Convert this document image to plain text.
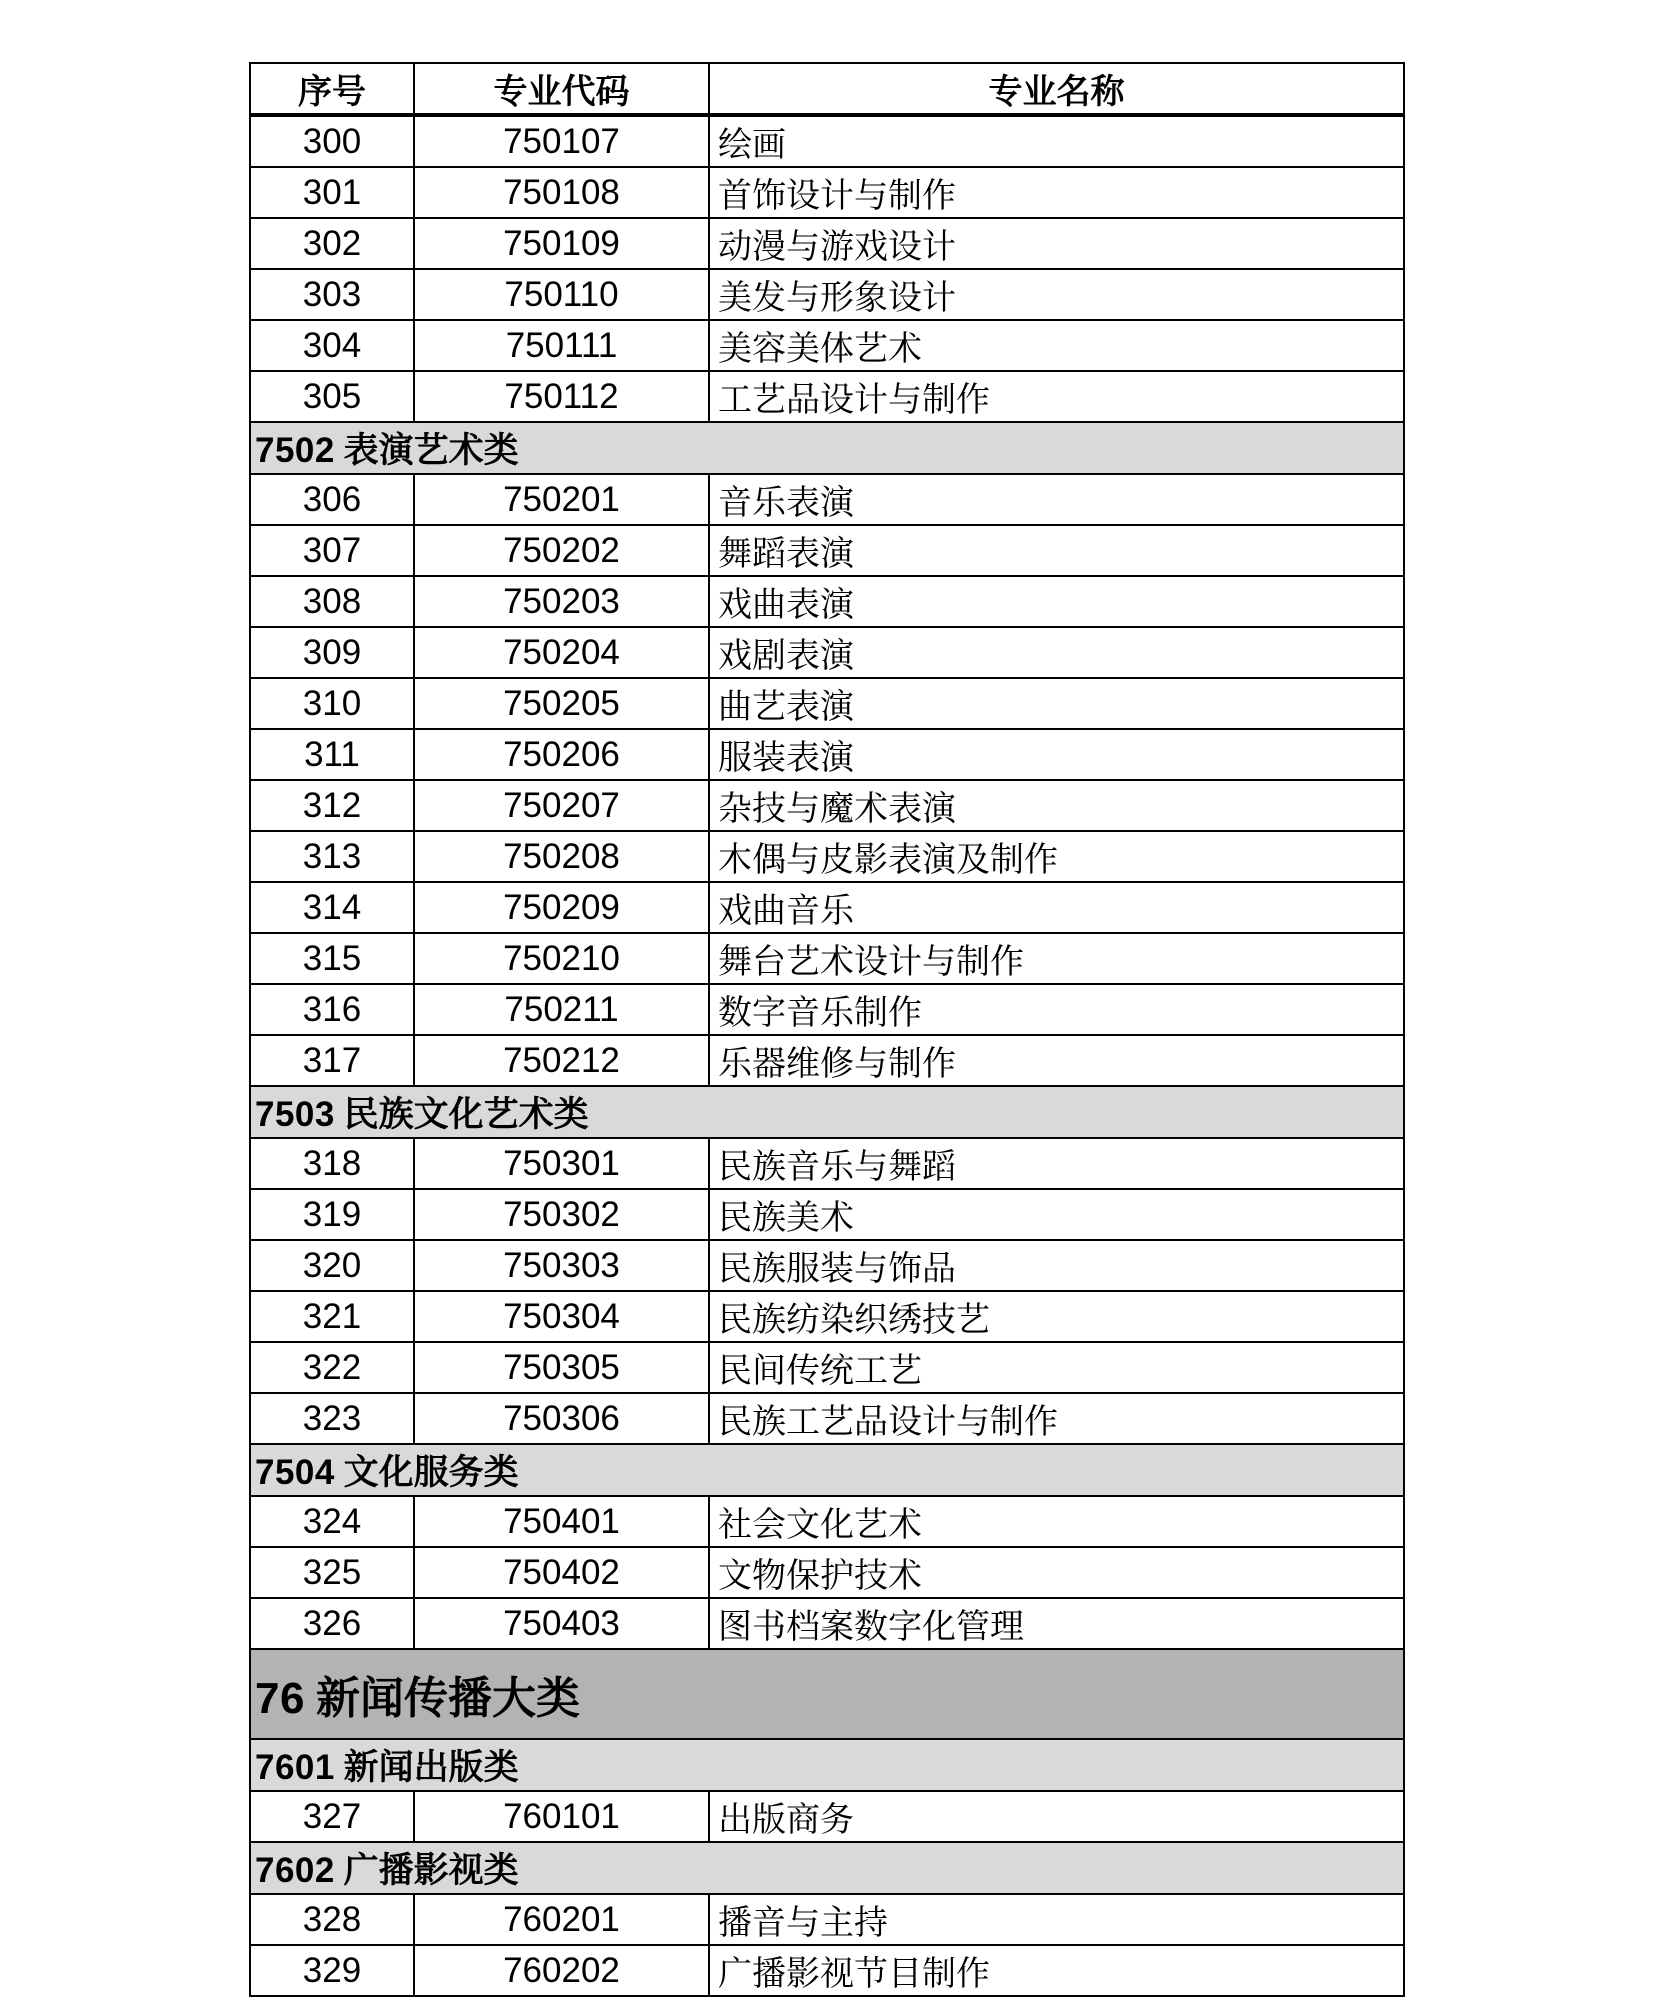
序号	专业代码	专业名称
300	750107	绘画
301	750108	首饰设计与制作
302	750109	动漫与游戏设计
303	750110	美发与形象设计
304	750111	美容美体艺术
305	750112	工艺品设计与制作
7502 表演艺术类		
306	750201	音乐表演
307	750202	舞蹈表演
308	750203	戏曲表演
309	750204	戏剧表演
310	750205	曲艺表演
311	750206	服装表演
312	750207	杂技与魔术表演
313	750208	木偶与皮影表演及制作
314	750209	戏曲音乐
315	750210	舞台艺术设计与制作
316	750211	数字音乐制作
317	750212	乐器维修与制作
7503 民族文化艺术类		
318	750301	民族音乐与舞蹈
319	750302	民族美术
320	750303	民族服装与饰品
321	750304	民族纺染织绣技艺
322	750305	民间传统工艺
323	750306	民族工艺品设计与制作
7504 文化服务类		
324	750401	社会文化艺术
325	750402	文物保护技术
326	750403	图书档案数字化管理
76 新闻传播大类		
7601 新闻出版类		
327	760101	出版商务
7602 广播影视类		
328	760201	播音与主持
329	760202	广播影视节目制作
